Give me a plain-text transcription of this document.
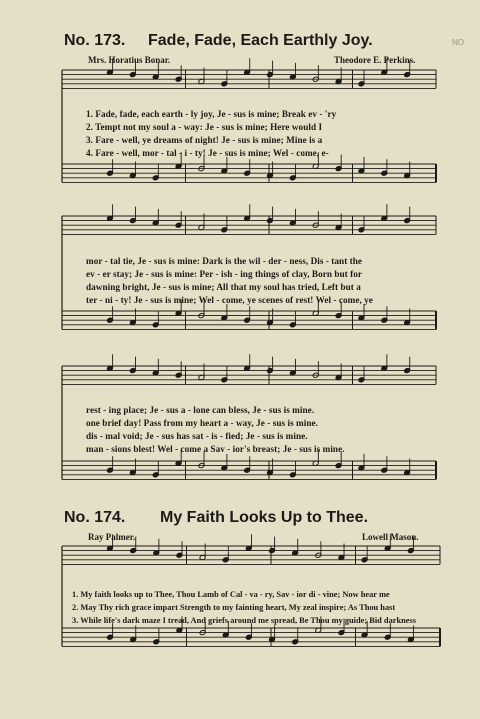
No. 173. Fade, Fade, Each Earthly Joy.
Mrs. Horatius Bonar.	Theodore E. Perkins.
NO
1. Fade, fade, each earth - ly joy, Je - sus is mine; Break ev - 'ry
2. Tempt not my soul a - way: Je - sus is mine; Here would I
3. Fare - well, ye dreams of night! Je - sus is mine; Mine is a
4. Fare - well, mor - tal - i - ty! Je - sus is mine; Wel - come, e-
mor - tal tie, Je - sus is mine: Dark is the wil - der - ness, Dis - tant the
ev - er stay; Je - sus is mine: Per - ish - ing things of clay, Born but for
dawning bright, Je - sus is mine; All that my soul has tried, Left but a
ter - ni - ty! Je - sus is mine; Wel - come, ye scenes of rest! Wel - come, ye
rest - ing place; Je - sus a - lone can bless, Je - sus is mine.
one brief day! Pass from my heart a - way, Je - sus is mine.
dis - mal void; Je - sus has sat - is - fied; Je - sus is mine.
man - sions blest! Wel - come a Sav - ior's breast; Je - sus is mine.
No. 174. My Faith Looks Up to Thee.
Ray Palmer.	Lowell Mason.
1. My faith looks up to Thee, Thou Lamb of Cal - va - ry, Sav - ior di - vine; Now hear me
2. May Thy rich grace impart Strength to my fainting heart, My zeal inspire; As Thou hast
3. While life's dark maze I tread, And griefs around me spread, Be Thou my guide; Bid darkness
